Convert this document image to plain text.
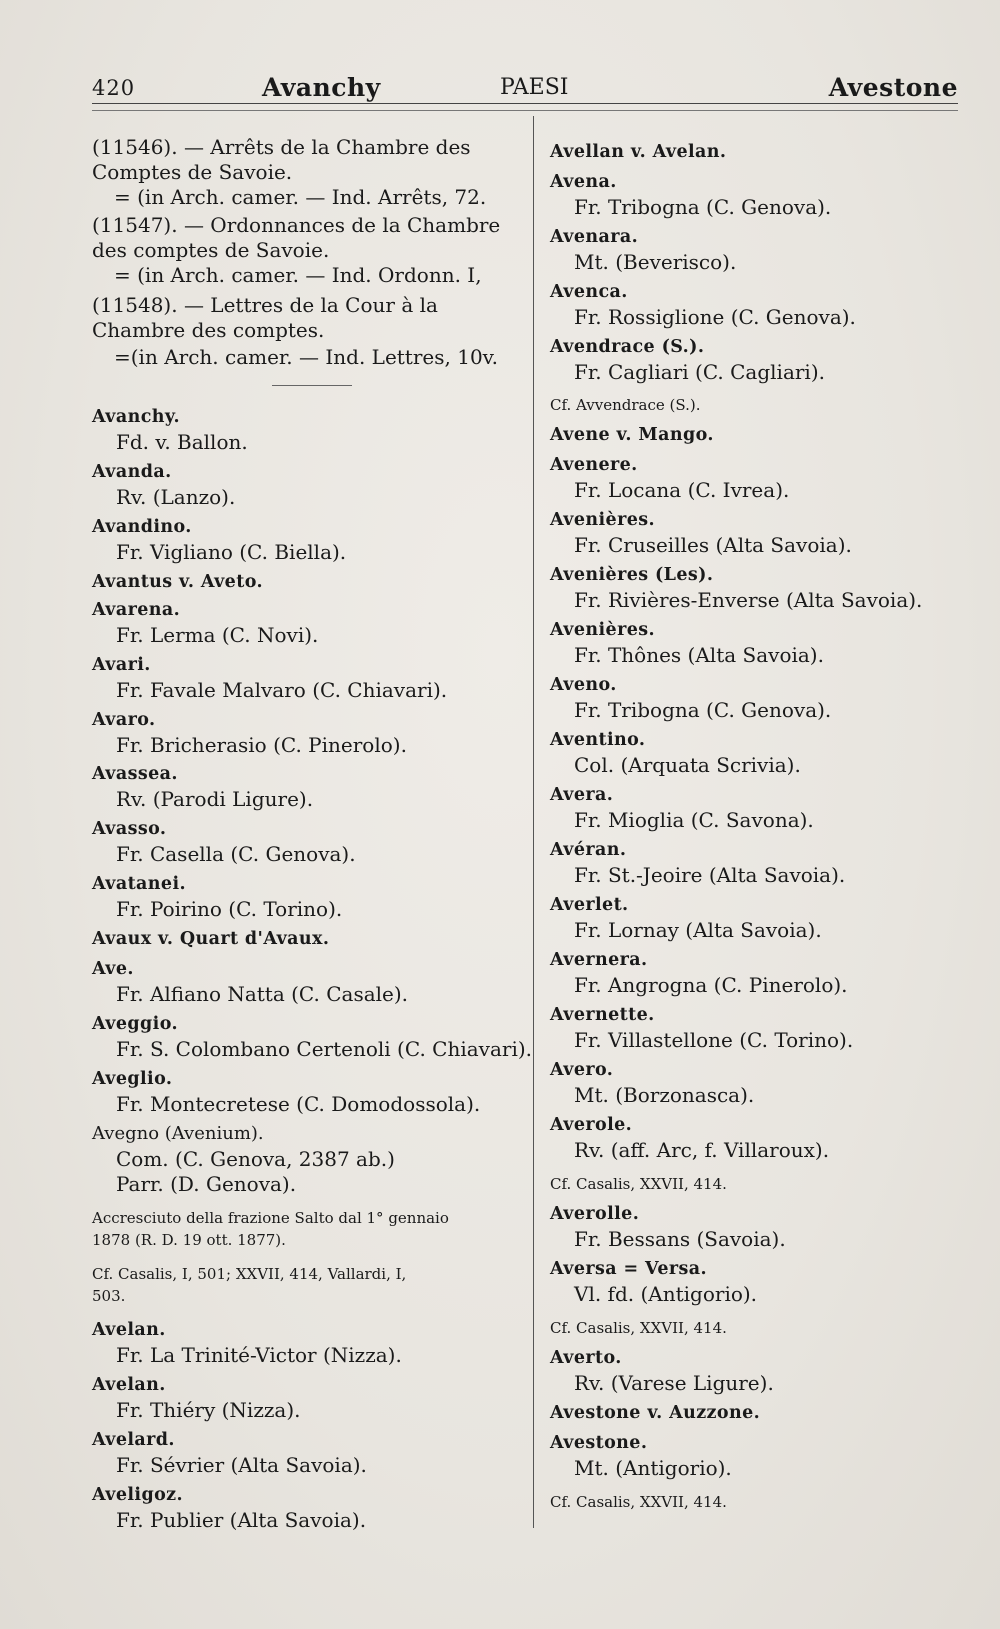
420	Avanchy	PAESI	Avestone
(11546). — Arrêts de la Chambre des
Comptes de Savoie.
= (in Arch. camer. — Ind. Arrêts, 72.
(11547). — Ordonnances de la Chambre
des comptes de Savoie.
= (in Arch. camer. — Ind. Ordonn. I,
(11548). — Lettres de la Cour à la
Chambre des comptes.
=(in Arch. camer. — Ind. Lettres, 10v.
Avanchy.
Fd. v. Ballon.
Avanda.
Rv. (Lanzo).
Avandino.
Fr. Vigliano (C. Biella).
Avantus v. Aveto.
Avarena.
Fr. Lerma (C. Novi).
Avari.
Fr. Favale Malvaro (C. Chiavari).
Avaro.
Fr. Bricherasio (C. Pinerolo).
Avassea.
Rv. (Parodi Ligure).
Avasso.
Fr. Casella (C. Genova).
Avatanei.
Fr. Poirino (C. Torino).
Avaux v. Quart d'Avaux.
Ave.
Fr. Alfiano Natta (C. Casale).
Aveggio.
Fr. S. Colombano Certenoli (C. Chiavari).
Aveglio.
Fr. Montecretese (C. Domodossola).
Avegno (Avenium).
Com. (C. Genova, 2387 ab.)
Parr. (D. Genova).
Accresciuto della frazione Salto dal 1° gennaio
1878 (R. D. 19 ott. 1877).
Cf. Casalis, I, 501; XXVII, 414, Vallardi, I,
503.
Avelan.
Fr. La Trinité-Victor (Nizza).
Avelan.
Fr. Thiéry (Nizza).
Avelard.
Fr. Sévrier (Alta Savoia).
Aveligoz.
Fr. Publier (Alta Savoia).
Avellan v. Avelan.
Avena.
Fr. Tribogna (C. Genova).
Avenara.
Mt. (Beverisco).
Avenca.
Fr. Rossiglione (C. Genova).
Avendrace (S.).
Fr. Cagliari (C. Cagliari).
Cf. Avvendrace (S.).
Avene v. Mango.
Avenere.
Fr. Locana (C. Ivrea).
Avenières.
Fr. Cruseilles (Alta Savoia).
Avenières (Les).
Fr. Rivières-Enverse (Alta Savoia).
Avenières.
Fr. Thônes (Alta Savoia).
Aveno.
Fr. Tribogna (C. Genova).
Aventino.
Col. (Arquata Scrivia).
Avera.
Fr. Mioglia (C. Savona).
Avéran.
Fr. St.-Jeoire (Alta Savoia).
Averlet.
Fr. Lornay (Alta Savoia).
Avernera.
Fr. Angrogna (C. Pinerolo).
Avernette.
Fr. Villastellone (C. Torino).
Avero.
Mt. (Borzonasca).
Averole.
Rv. (aff. Arc, f. Villaroux).
Cf. Casalis, XXVII, 414.
Averolle.
Fr. Bessans (Savoia).
Aversa = Versa.
Vl. fd. (Antigorio).
Cf. Casalis, XXVII, 414.
Averto.
Rv. (Varese Ligure).
Avestone v. Auzzone.
Avestone.
Mt. (Antigorio).
Cf. Casalis, XXVII, 414.
